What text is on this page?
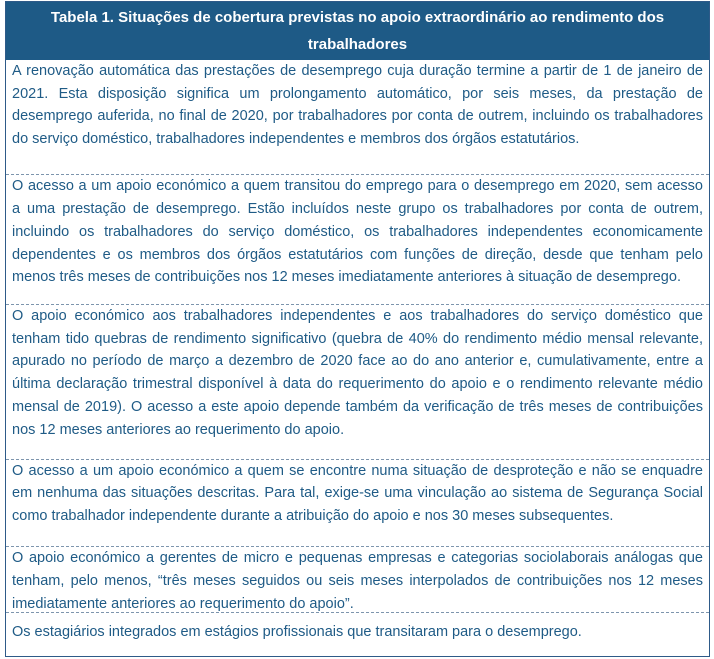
Tabela 1. Situações de cobertura previstas no apoio extraordinário ao rendimento dos trabalhadores
A renovação automática das prestações de desemprego cuja duração termine a partir de 1 de janeiro de 2021. Esta disposição significa um prolongamento automático, por seis meses, da prestação de desemprego auferida, no final de 2020, por trabalhadores por conta de outrem, incluindo os trabalhadores do serviço doméstico, trabalhadores independentes e membros dos órgãos estatutários.
O acesso a um apoio económico a quem transitou do emprego para o desemprego em 2020, sem acesso a uma prestação de desemprego. Estão incluídos neste grupo os trabalhadores por conta de outrem, incluindo os trabalhadores do serviço doméstico, os trabalhadores independentes economicamente dependentes e os membros dos órgãos estatutários com funções de direção, desde que tenham pelo menos três meses de contribuições nos 12 meses imediatamente anteriores à situação de desemprego.
O apoio económico aos trabalhadores independentes e aos trabalhadores do serviço doméstico que tenham tido quebras de rendimento significativo (quebra de 40% do rendimento médio mensal relevante, apurado no período de março a dezembro de 2020 face ao do ano anterior e, cumulativamente, entre a última declaração trimestral disponível à data do requerimento do apoio e o rendimento relevante médio mensal de 2019). O acesso a este apoio depende também da verificação de três meses de contribuições nos 12 meses anteriores ao requerimento do apoio.
O acesso a um apoio económico a quem se encontre numa situação de desproteção e não se enquadre em nenhuma das situações descritas. Para tal, exige-se uma vinculação ao sistema de Segurança Social como trabalhador independente durante a atribuição do apoio e nos 30 meses subsequentes.
O apoio económico a gerentes de micro e pequenas empresas e categorias sociolaborais análogas que tenham, pelo menos, “três meses seguidos ou seis meses interpolados de contribuições nos 12 meses imediatamente anteriores ao requerimento do apoio”.
Os estagiários integrados em estágios profissionais que transitaram para o desemprego.
